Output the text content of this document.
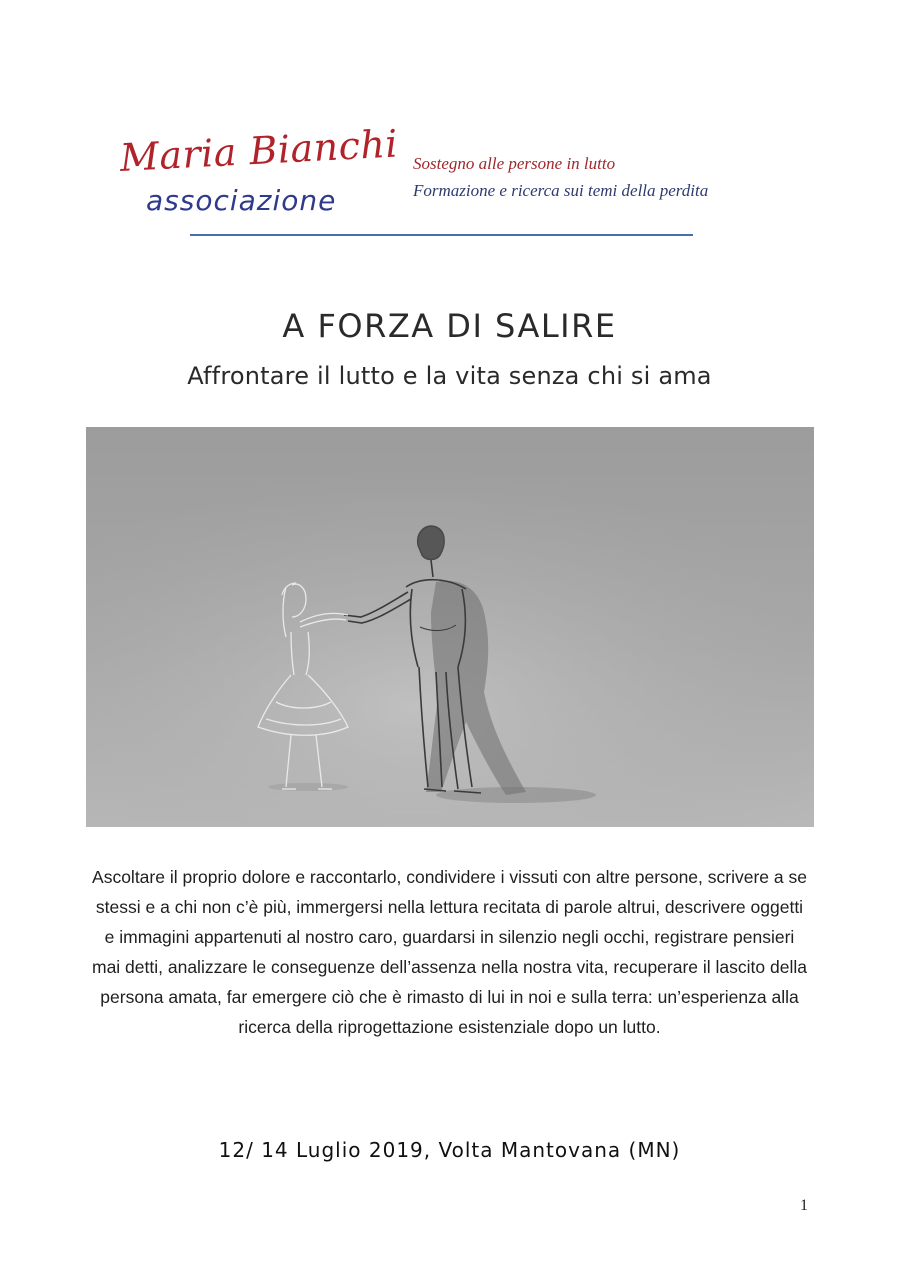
Maria Bianchi
associazione
Sostegno alle persone in lutto
Formazione e ricerca sui temi della perdita
A FORZA DI SALIRE
Affrontare il lutto e la vita senza chi si ama
Ascoltare il proprio dolore e raccontarlo, condividere i vissuti con altre persone, scrivere a se stessi e a chi non c’è più, immergersi nella lettura recitata di parole altrui, descrivere oggetti e immagini appartenuti al nostro caro, guardarsi in silenzio negli occhi, registrare pensieri mai detti, analizzare le conseguenze dell’assenza nella nostra vita, recuperare il lascito della persona amata, far emergere ciò che è rimasto di lui in noi e sulla terra: un’esperienza alla ricerca della riprogettazione esistenziale dopo un lutto.
12/ 14 Luglio 2019, Volta Mantovana (MN)
1
